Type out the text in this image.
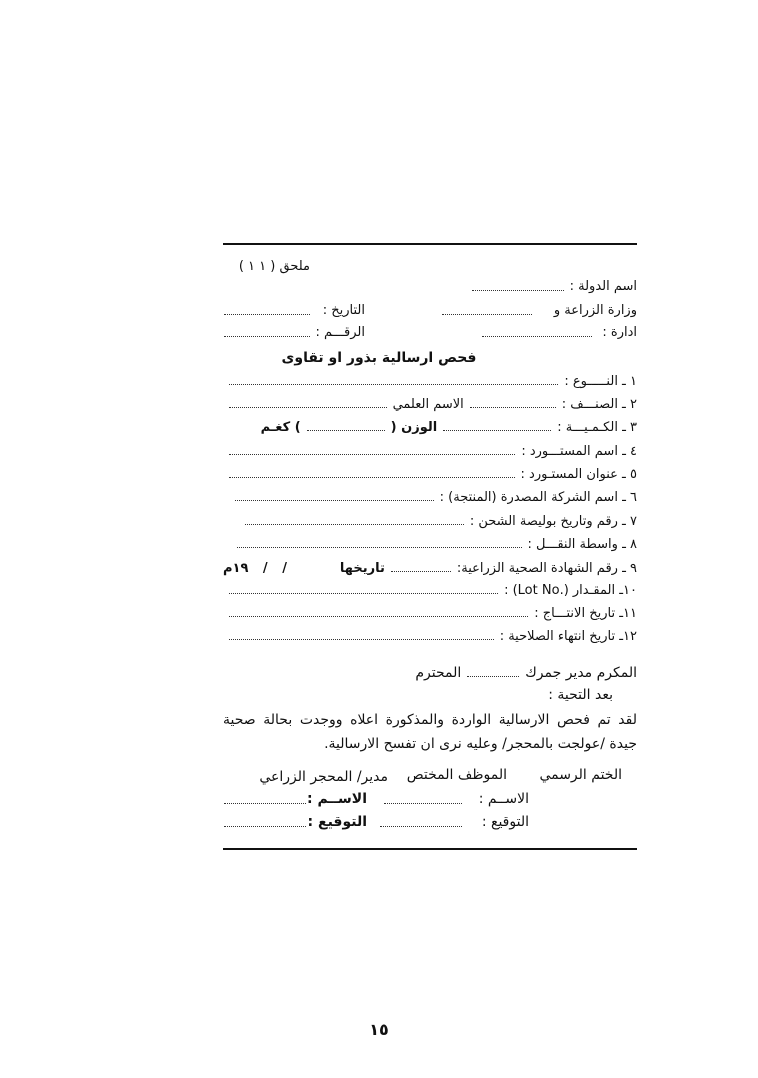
ملحق ( ١ ١ )
اسم الدولة :
وزارة الزراعة و
التاريخ :
ادارة :
الرقـــم :
فحص ارسالية بذور او تقاوى
١ ـ النـــــوع :
٢ ـ الصنـــف :
الاسم العلمي
٣ ـ الكـمـيـــة :
الوزن (
) كغـم
٤ ـ اسم المستـــورد :
٥ ـ عنوان المستـورد :
٦ ـ اسم الشركة المصدرة (المنتجة) :
٧ ـ رقم وتاريخ بوليصة الشحن :
٨ ـ واسطة النقـــل :
٩ ـ رقم الشهادة الصحية الزراعية:
تاريخها
/ / ١٩م
١٠ـ المقـدار (.Lot No) :
١١ـ تاريخ الانتـــاج :
١٢ـ تاريخ انتهاء الصلاحية :
المكرم مدير جمرك
المحترم
بعد التحية :
لقد تم فحص الارسالية الواردة والمذكورة اعلاه ووجدت بحالة صحية جيدة /عولجت بالمحجر/ وعليه نرى ان تفسح الارسالية.
الختم الرسمي
الموظف المختص
مدير/ المحجر الزراعي
الاســم :
الاســم :
التوقيع :
التوقيع :
١٥
